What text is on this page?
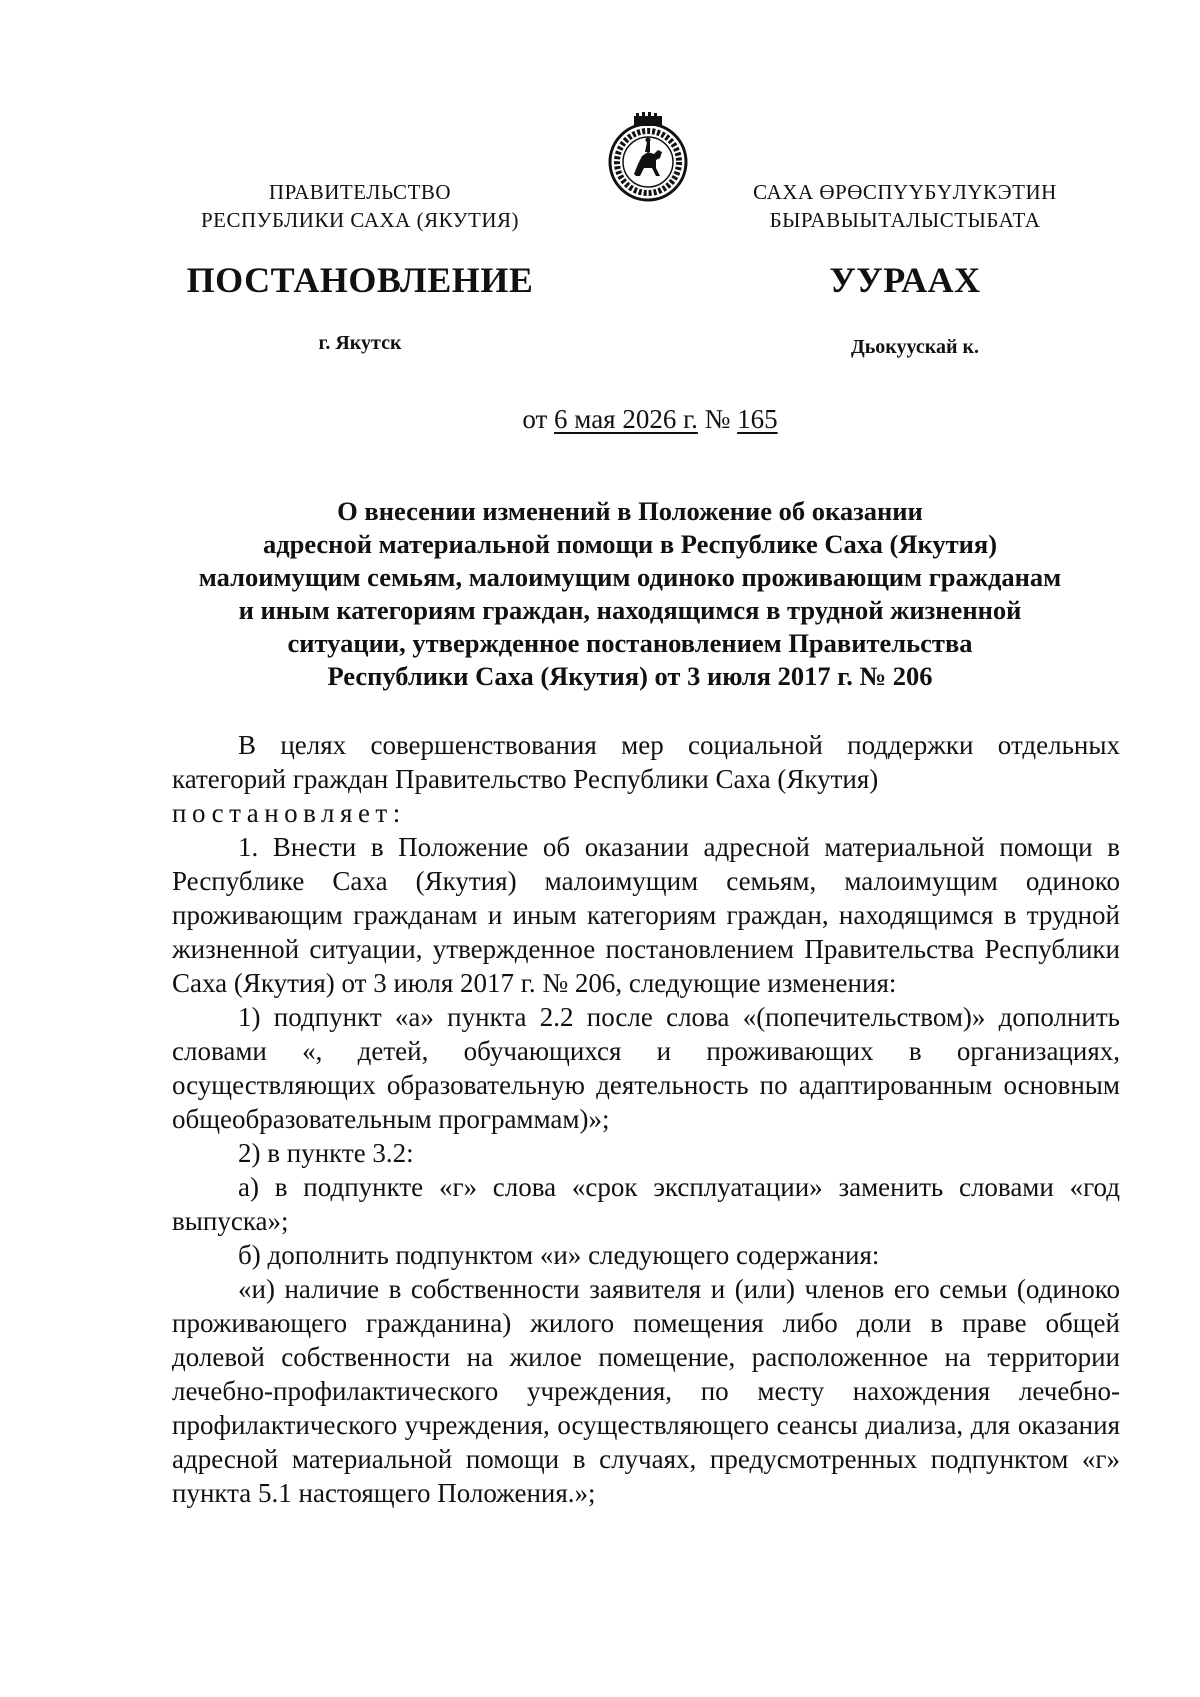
ПРАВИТЕЛЬСТВО
РЕСПУБЛИКИ САХА (ЯКУТИЯ)
САХА ӨРӨСПҮҮБҮЛҮКЭТИН
БЫРАВЫЫТАЛЫСТЫБАТА
ПОСТАНОВЛЕНИЕ	УУРААХ
г. Якутск	Дьокуускай к.
от 6 мая 2026 г. № 165
О внесении изменений в Положение об оказании
адресной материальной помощи в Республике Саха (Якутия)
малоимущим семьям, малоимущим одиноко проживающим гражданам
и иным категориям граждан, находящимся в трудной жизненной
ситуации, утвержденное постановлением Правительства
Республики Саха (Якутия) от 3 июля 2017 г. № 206

В целях совершенствования мер социальной поддержки отдельных категорий граждан Правительство Республики Саха (Якутия)
постановляет:

1. Внести в Положение об оказании адресной материальной помощи в Республике Саха (Якутия) малоимущим семьям, малоимущим одиноко проживающим гражданам и иным категориям граждан, находящимся в трудной жизненной ситуации, утвержденное постановлением Правительства Республики Саха (Якутия) от 3 июля 2017 г. № 206, следующие изменения:

1) подпункт «а» пункта 2.2 после слова «(попечительством)» дополнить словами «, детей, обучающихся и проживающих в организациях, осуществляющих образовательную деятельность по адаптированным основным общеобразовательным программам)»;

2) в пункте 3.2:

а) в подпункте «г» слова «срок эксплуатации» заменить словами «год выпуска»;

б) дополнить подпунктом «и» следующего содержания:

«и) наличие в собственности заявителя и (или) членов его семьи (одиноко проживающего гражданина) жилого помещения либо доли в праве общей долевой собственности на жилое помещение, расположенное на территории лечебно-профилактического учреждения, по месту нахождения лечебно-профилактического учреждения, осуществляющего сеансы диализа, для оказания адресной материальной помощи в случаях, предусмотренных подпунктом «г» пункта 5.1 настоящего Положения.»;
